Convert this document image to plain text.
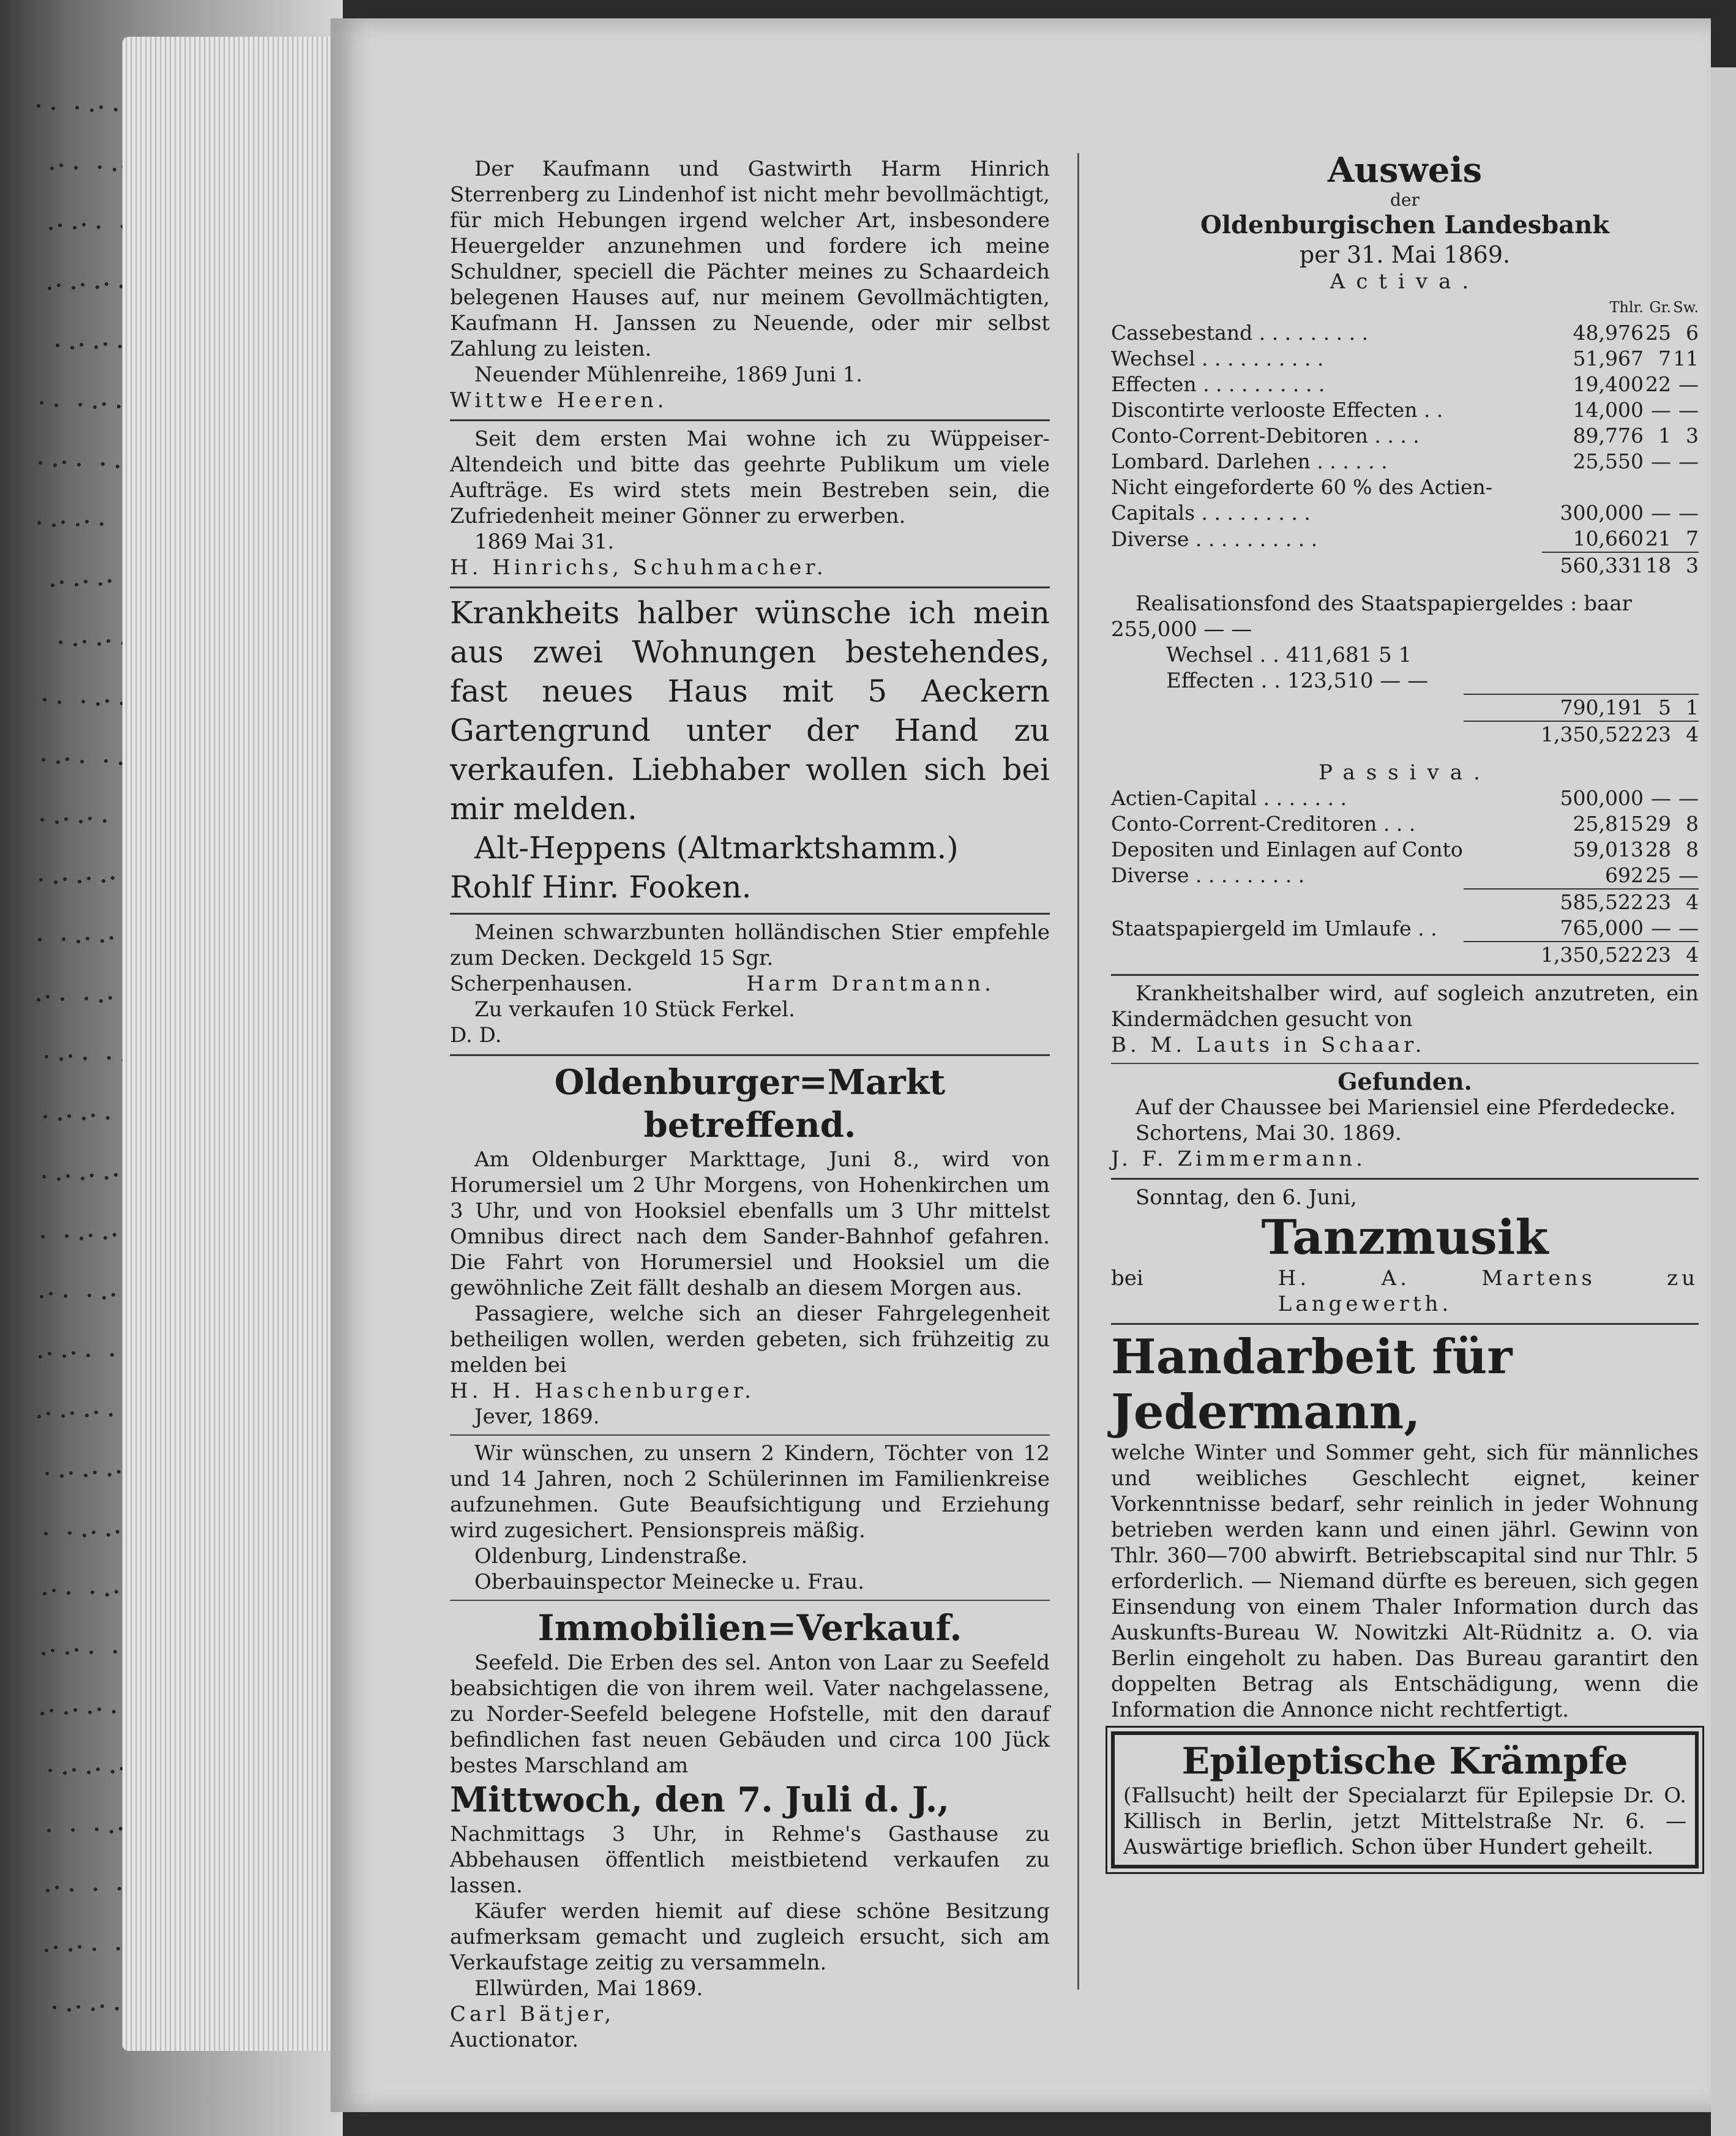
Der Kaufmann und Gastwirth Harm Hinrich Sterrenberg zu Lindenhof ist nicht mehr bevollmächtigt, für mich Hebungen irgend welcher Art, insbesondere Heuergelder anzunehmen und fordere ich meine Schuldner, speciell die Pächter meines zu Schaardeich belegenen Hauses auf, nur meinem Gevollmächtigten, Kaufmann H. Janssen zu Neuende, oder mir selbst Zahlung zu leisten.

Neuender Mühlenreihe, 1869 Juni 1.

Wittwe Heeren.

Seit dem ersten Mai wohne ich zu Wüppeiser-Altendeich und bitte das geehrte Publikum um viele Aufträge. Es wird stets mein Bestreben sein, die Zufriedenheit meiner Gönner zu erwerben.

1869 Mai 31.

H. Hinrichs, Schuhmacher.

Krankheits halber wünsche ich mein aus zwei Wohnungen bestehendes, fast neues Haus mit 5 Aeckern Gartengrund unter der Hand zu verkaufen. Liebhaber wollen sich bei mir melden.

Alt-Heppens (Altmarktshamm.)

Rohlf Hinr. Fooken.

Meinen schwarzbunten holländischen Stier empfehle zum Decken. Deckgeld 15 Sgr.

Scherpenhausen.	Harm Drantmann.

Zu verkaufen 10 Stück Ferkel.

D. D.

Oldenburger=Markt betreffend.

Am Oldenburger Markttage, Juni 8., wird von Horumersiel um 2 Uhr Morgens, von Hohenkirchen um 3 Uhr, und von Hooksiel ebenfalls um 3 Uhr mittelst Omnibus direct nach dem Sander-Bahnhof gefahren. Die Fahrt von Horumersiel und Hooksiel um die gewöhnliche Zeit fällt deshalb an diesem Morgen aus.

Passagiere, welche sich an dieser Fahrgelegenheit betheiligen wollen, werden gebeten, sich frühzeitig zu melden bei

H. H. Haschenburger.

Jever, 1869.

Wir wünschen, zu unsern 2 Kindern, Töchter von 12 und 14 Jahren, noch 2 Schülerinnen im Familienkreise aufzunehmen. Gute Beaufsichtigung und Erziehung wird zugesichert. Pensionspreis mäßig.

Oldenburg, Lindenstraße.

Oberbauinspector Meinecke u. Frau.

Immobilien=Verkauf.

Seefeld. Die Erben des sel. Anton von Laar zu Seefeld beabsichtigen die von ihrem weil. Vater nachgelassene, zu Norder-Seefeld belegene Hofstelle, mit den darauf befindlichen fast neuen Gebäuden und circa 100 Jück bestes Marschland am

Mittwoch, den 7. Juli d. J.,

Nachmittags 3 Uhr, in Rehme's Gasthause zu Abbehausen öffentlich meistbietend verkaufen zu lassen.

Käufer werden hiemit auf diese schöne Besitzung aufmerksam gemacht und zugleich ersucht, sich am Verkaufstage zeitig zu versammeln.

Ellwürden, Mai 1869.

Carl Bätjer,

Auctionator.

Ausweis
der
Oldenburgischen Landesbank
per 31. Mai 1869.
Activa.
	Thlr.	Gr.	Sw.
Cassebestand . . . . . . . . .	48,976	25	6
Wechsel . . . . . . . . . .	51,967	7	11
Effecten . . . . . . . . . .	19,400	22	—
Discontirte verlooste Effecten . .	14,000	—	—
Conto-Corrent-Debitoren . . . .	89,776	1	3
Lombard. Darlehen . . . . . .	25,550	—	—
Nicht eingeforderte 60 % des Actien-			
Capitals . . . . . . . . .	300,000	—	—
Diverse . . . . . . . . . .	10,660	21	7
	560,331	18	3
Realisationsfond des Staatspapiergeldes : baar 255,000 — —
Wechsel . . 411,681 5 1
Effecten . . 123,510 — —
	790,191	5	1
	1,350,522	23	4
Passiva.
Actien-Capital . . . . . . .	500,000	—	—
Conto-Corrent-Creditoren . . .	25,815	29	8
Depositen und Einlagen auf Conto	59,013	28	8
Diverse . . . . . . . . .	692	25	—
	585,522	23	4
Staatspapiergeld im Umlaufe . .	765,000	—	—
	1,350,522	23	4

Krankheitshalber wird, auf sogleich anzutreten, ein Kindermädchen gesucht von

B. M. Lauts in Schaar.

Gefunden.

Auf der Chaussee bei Mariensiel eine Pferdedecke.

Schortens, Mai 30. 1869.

J. F. Zimmermann.

Sonntag, den 6. Juni,

Tanzmusik

bei	H. A. Martens zu Langewerth.

Handarbeit für Jedermann,

welche Winter und Sommer geht, sich für männliches und weibliches Geschlecht eignet, keiner Vorkenntnisse bedarf, sehr reinlich in jeder Wohnung betrieben werden kann und einen jährl. Gewinn von Thlr. 360—700 abwirft. Betriebscapital sind nur Thlr. 5 erforderlich. — Niemand dürfte es bereuen, sich gegen Einsendung von einem Thaler Information durch das Auskunfts-Bureau W. Nowitzki Alt-Rüdnitz a. O. via Berlin eingeholt zu haben. Das Bureau garantirt den doppelten Betrag als Entschädigung, wenn die Information die Annonce nicht rechtfertigt.

Epileptische Krämpfe

(Fallsucht) heilt der Specialarzt für Epilepsie Dr. O. Killisch in Berlin, jetzt Mittelstraße Nr. 6. — Auswärtige brieflich. Schon über Hundert geheilt.
